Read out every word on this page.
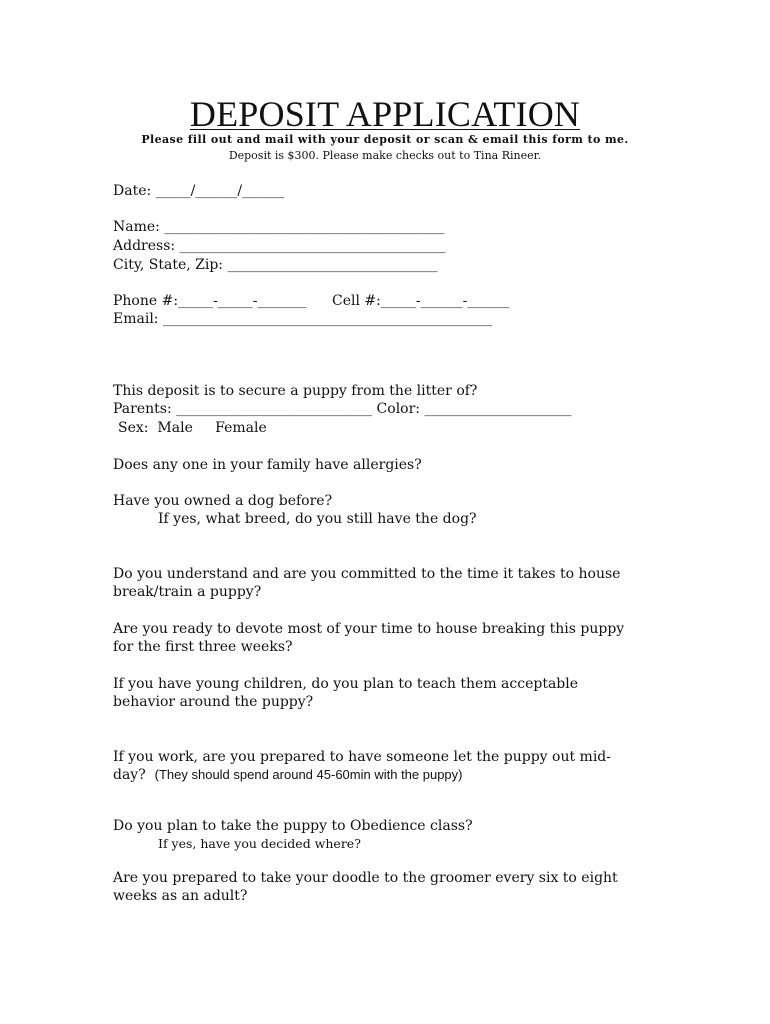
DEPOSIT APPLICATION
Please fill out and mail with your deposit or scan & email this form to me.
Deposit is $300. Please make checks out to Tina Rineer.
Date: _____/______/______
Name: ________________________________________
Address: ______________________________________
City, State, Zip: ______________________________
Phone #:_____-_____-_______ Cell #:_____-______-______
Email: _______________________________________________
This deposit is to secure a puppy from the litter of?
Parents: ____________________________ Color: _____________________
Sex: Male Female
Does any one in your family have allergies?
Have you owned a dog before?
If yes, what breed, do you still have the dog?
Do you understand and are you committed to the time it takes to house
break/train a puppy?
Are you ready to devote most of your time to house breaking this puppy
for the first three weeks?
If you have young children, do you plan to teach them acceptable
behavior around the puppy?
If you work, are you prepared to have someone let the puppy out mid-
day? (They should spend around 45-60min with the puppy)
Do you plan to take the puppy to Obedience class?
If yes, have you decided where?
Are you prepared to take your doodle to the groomer every six to eight
weeks as an adult?
